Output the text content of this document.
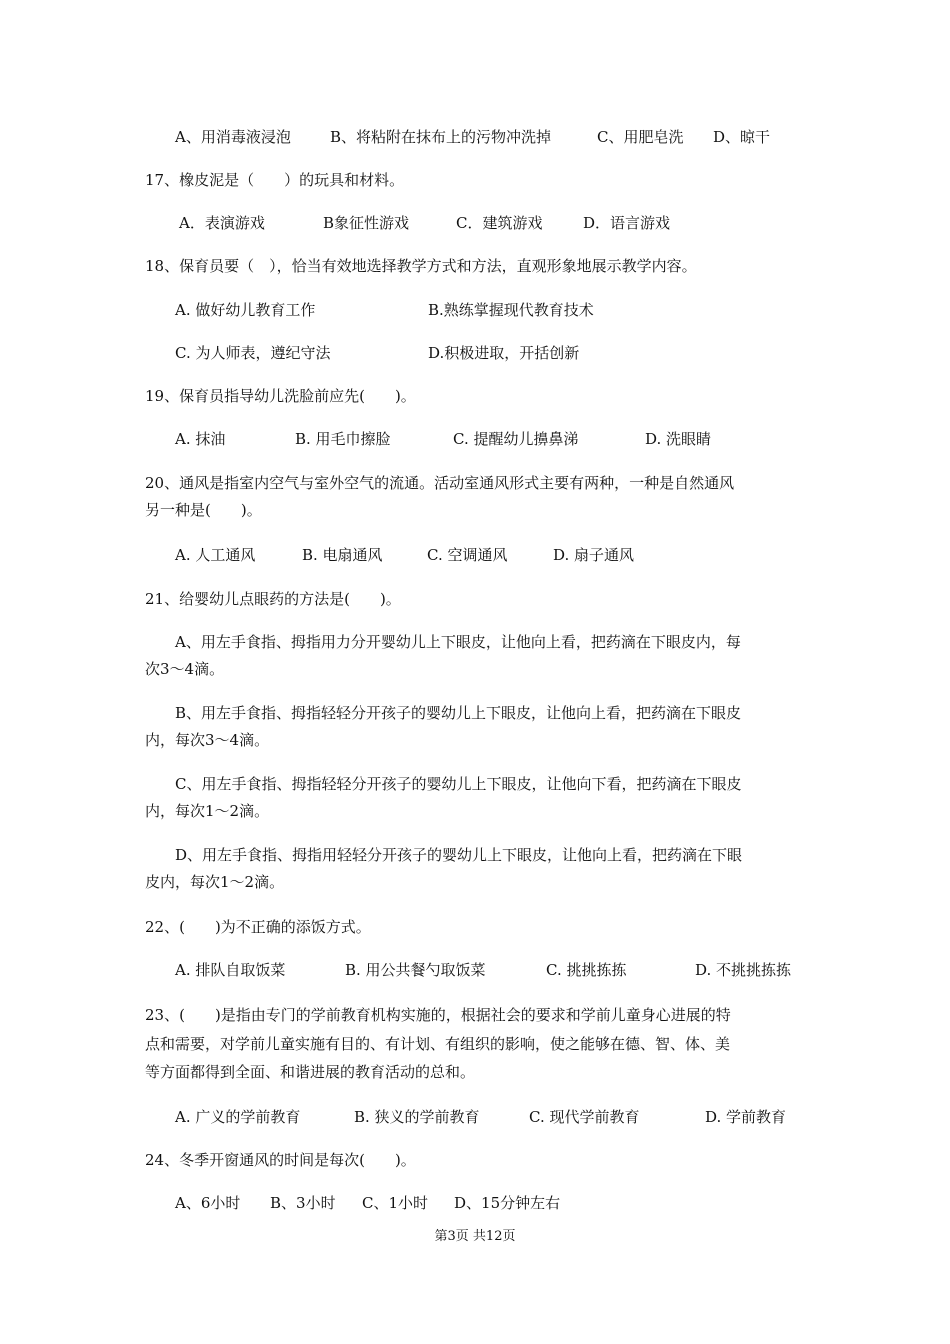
A、用消毒液浸泡	B、将粘附在抹布上的污物冲洗掉	C、用肥皂洗 D、晾干
17、橡皮泥是（　　）的玩具和材料。
A．表演游戏	B象征性游戏	C．建筑游戏	D．语言游戏
18、保育员要（　），恰当有效地选择教学方式和方法，直观形象地展示教学内容。
A. 做好幼儿教育工作	B.熟练掌握现代教育技术
C. 为人师表，遵纪守法	D.积极进取，开括创新
19、保育员指导幼儿洗脸前应先(　　)。
A. 抹油	B. 用毛巾擦脸	C. 提醒幼儿擤鼻涕	D. 洗眼睛
20、通风是指室内空气与室外空气的流通。活动室通风形式主要有两种，一种是自然通风
另一种是(　　)。
A. 人工通风	B. 电扇通风	C. 空调通风	D. 扇子通风
21、给婴幼儿点眼药的方法是(　　)。
A、用左手食指、拇指用力分开婴幼儿上下眼皮，让他向上看，把药滴在下眼皮内，每
次3～4滴。
B、用左手食指、拇指轻轻分开孩子的婴幼儿上下眼皮，让他向上看，把药滴在下眼皮
内，每次3～4滴。
C、用左手食指、拇指轻轻分开孩子的婴幼儿上下眼皮，让他向下看，把药滴在下眼皮
内，每次1～2滴。
D、用左手食指、拇指用轻轻分开孩子的婴幼儿上下眼皮，让他向上看，把药滴在下眼
皮内，每次1～2滴。
22、(　　)为不正确的添饭方式。
A. 排队自取饭菜	B. 用公共餐勺取饭菜	C. 挑挑拣拣	D. 不挑挑拣拣
23、(　　)是指由专门的学前教育机构实施的，根据社会的要求和学前儿童身心进展的特
点和需要，对学前儿童实施有目的、有计划、有组织的影响，使之能够在德、智、体、美
等方面都得到全面、和谐进展的教育活动的总和。
A. 广义的学前教育	B. 狭义的学前教育	C. 现代学前教育	D. 学前教育
24、冬季开窗通风的时间是每次(　　)。
A、6小时 B、3小时 C、1小时 D、15分钟左右
第3页 共12页
